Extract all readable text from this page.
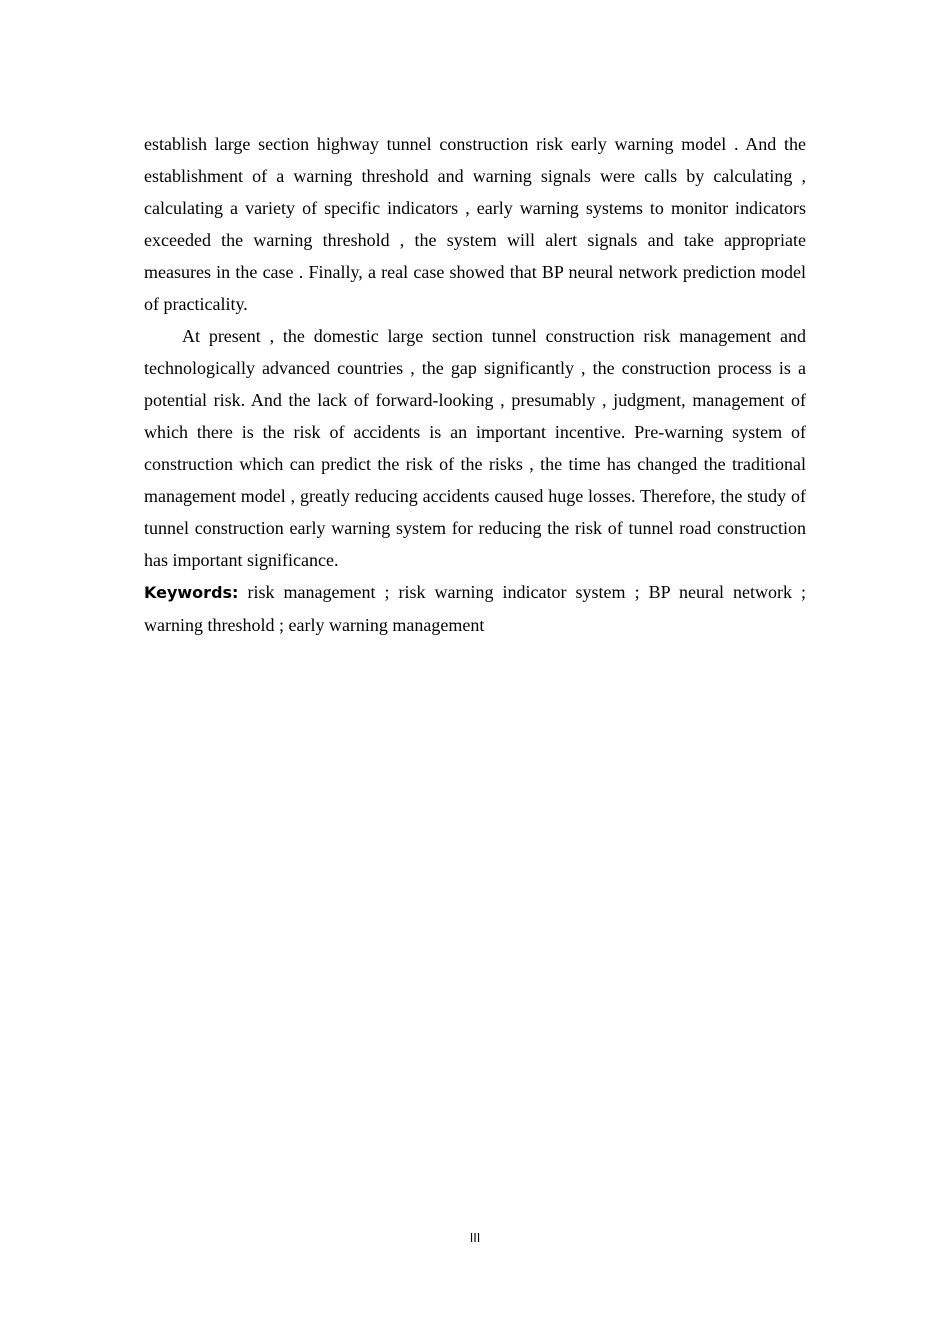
establish large section highway tunnel construction risk early warning model . And the establishment of a warning threshold and warning signals were calls by calculating , calculating a variety of specific indicators , early warning systems to monitor indicators exceeded the warning threshold , the system will alert signals and take appropriate measures in the case . Finally, a real case showed that BP neural network prediction model of practicality.

At present , the domestic large section tunnel construction risk management and technologically advanced countries , the gap significantly , the construction process is a potential risk. And the lack of forward-looking , presumably , judgment, management of which there is the risk of accidents is an important incentive. Pre-warning system of construction which can predict the risk of the risks , the time has changed the traditional management model , greatly reducing accidents caused huge losses. Therefore, the study of tunnel construction early warning system for reducing the risk of tunnel road construction has important significance.

Keywords: risk management ; risk warning indicator system ; BP neural network ; warning threshold ; early warning management

III
